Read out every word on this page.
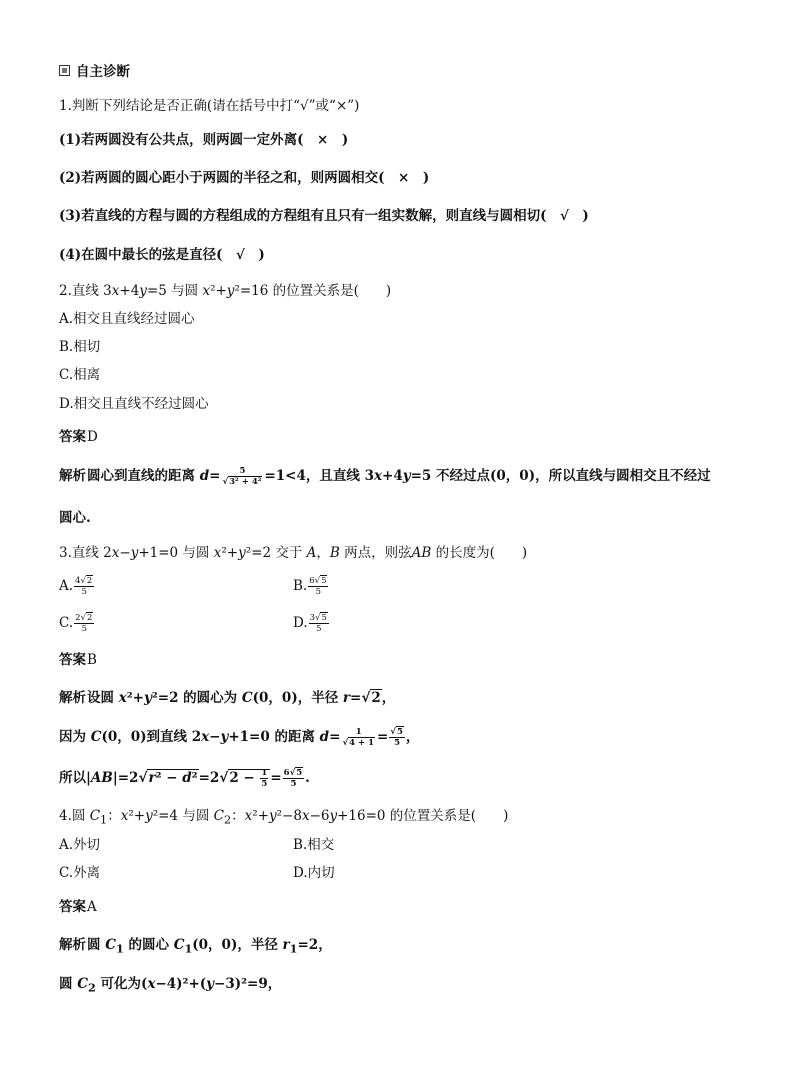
自主诊断
1.判断下列结论是否正确(请在括号中打“√”或“×”)
(1)若两圆没有公共点，则两圆一定外离(　×　)
(2)若两圆的圆心距小于两圆的半径之和，则两圆相交(　×　)
(3)若直线的方程与圆的方程组成的方程组有且只有一组实数解，则直线与圆相切(　√　)
(4)在圆中最长的弦是直径(　√　)
2.直线 3x+4y=5 与圆 x²+y²=16 的位置关系是(　　)
A.相交且直线经过圆心
B.相切
C.相离
D.相交且直线不经过圆心
答案D
解析圆心到直线的距离 $d= \frac{5}{\text{√3² + 4²}} =1<4$，且直线 3x+4y=5 不经过点(0，0)，所以直线与圆相交且不经过
圆心.
3.直线 2x−y+1=0 与圆 x²+y²=2 交于 A，B 两点，则弦AB 的长度为(　　)
A. $\frac{4√2}{5}$	B. $\frac{6√5}{5}$
C. $\frac{2√2}{5}$	D. $\frac{3√5}{5}$
答案B
解析设圆 x²+y²=2 的圆心为 C(0，0)，半径 r=√2，
因为 C(0，0)到直线 2x−y+1=0 的距离 $d= \frac{1}{√4 + 1} = \frac{√5}{5}$ ，
所以$|AB|=2√r^2 - d^2=2√2 - \frac{1}{5} = \frac{6√5}{5}$ .
4.圆 $C_1$：x²+y²=4 与圆 $C_2$：x²+y²−8x−6y+16=0 的位置关系是(　　)
A.外切	B.相交
C.外离	D.内切
答案A
解析圆 $C_1$ 的圆心 $C_1(0$，0)，半径 $r_1=2$，
圆 $C_2$ 可化为(x−4)²+(y−3)²=9，
